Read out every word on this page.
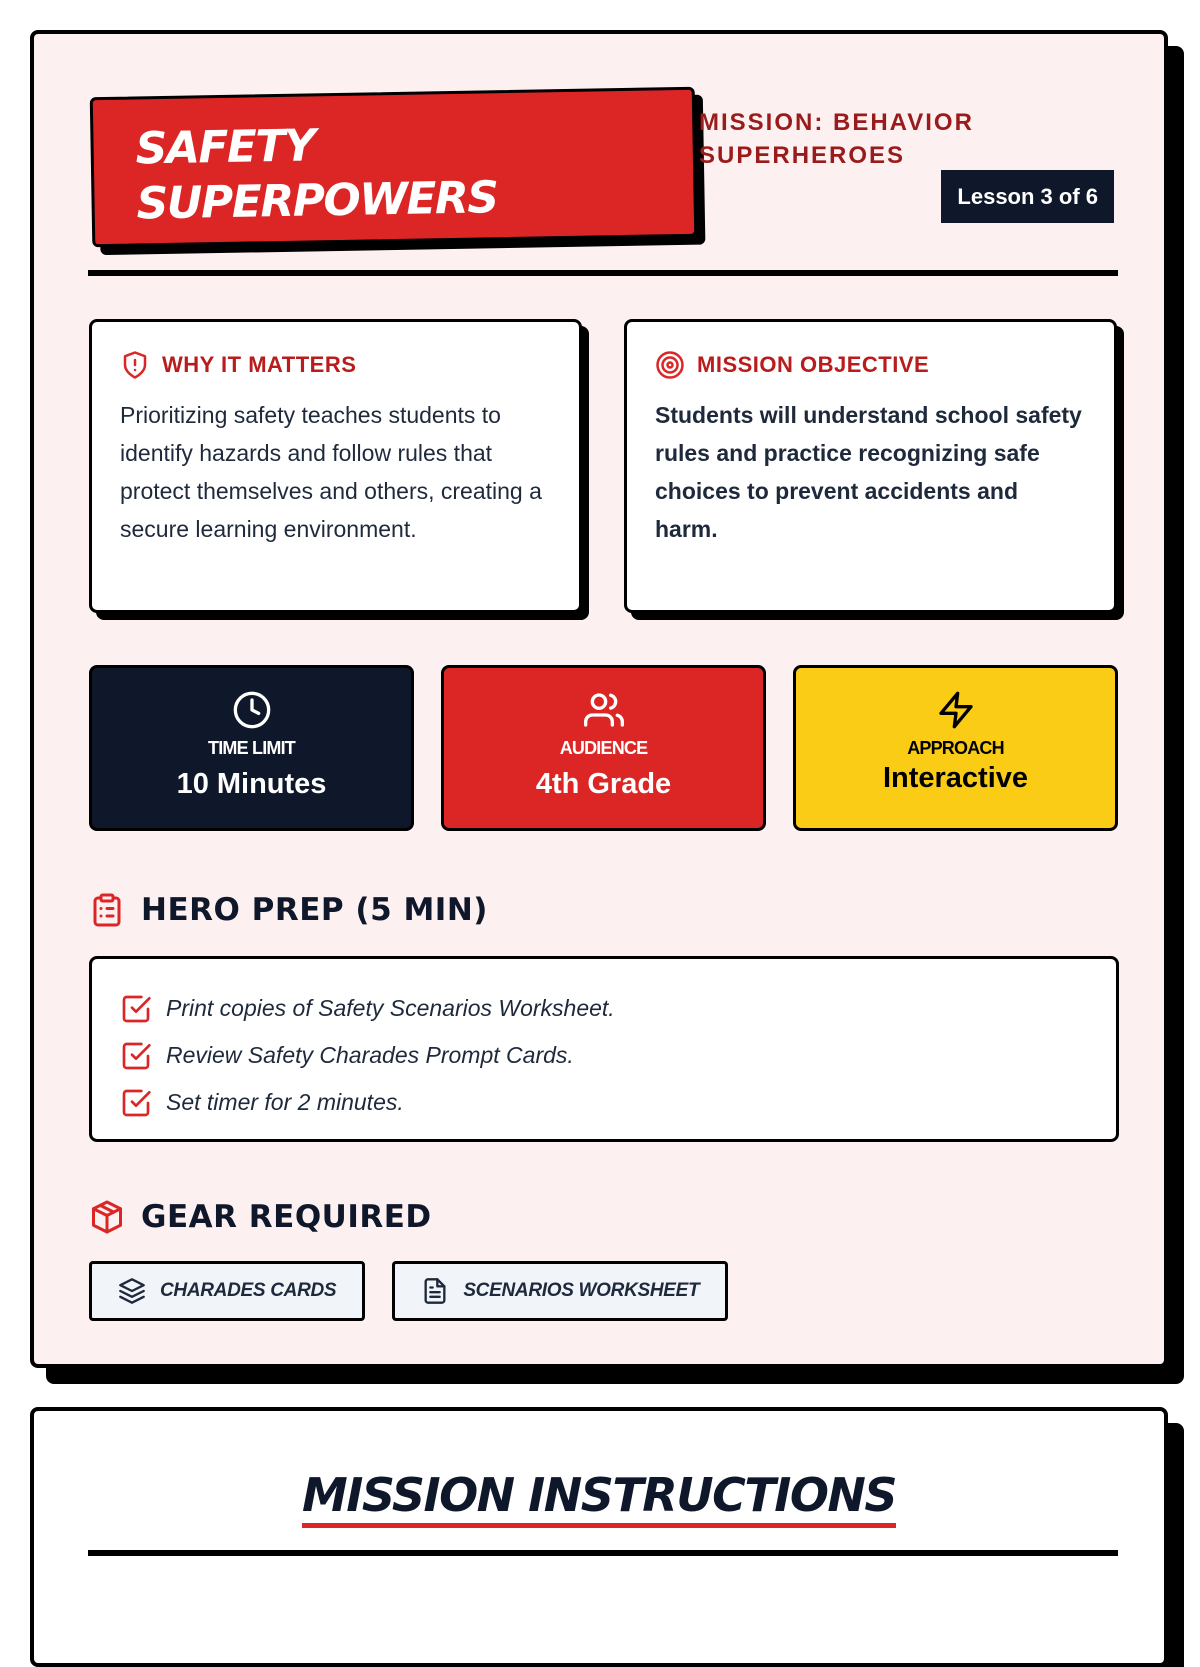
SAFETY
SUPERPOWERS
MISSION: BEHAVIOR SUPERHEROES
Lesson 3 of 6
WHY IT MATTERS
Prioritizing safety teaches students to identify hazards and follow rules that protect themselves and others, creating a secure learning environment.
MISSION OBJECTIVE
Students will understand school safety rules and practice recognizing safe choices to prevent accidents and harm.
TIME LIMIT
10 Minutes
AUDIENCE
4th Grade
APPROACH
Interactive
HERO PREP (5 MIN)
Print copies of Safety Scenarios Worksheet.
Review Safety Charades Prompt Cards.
Set timer for 2 minutes.
GEAR REQUIRED
CHARADES CARDS	SCENARIOS WORKSHEET
MISSION INSTRUCTIONS
